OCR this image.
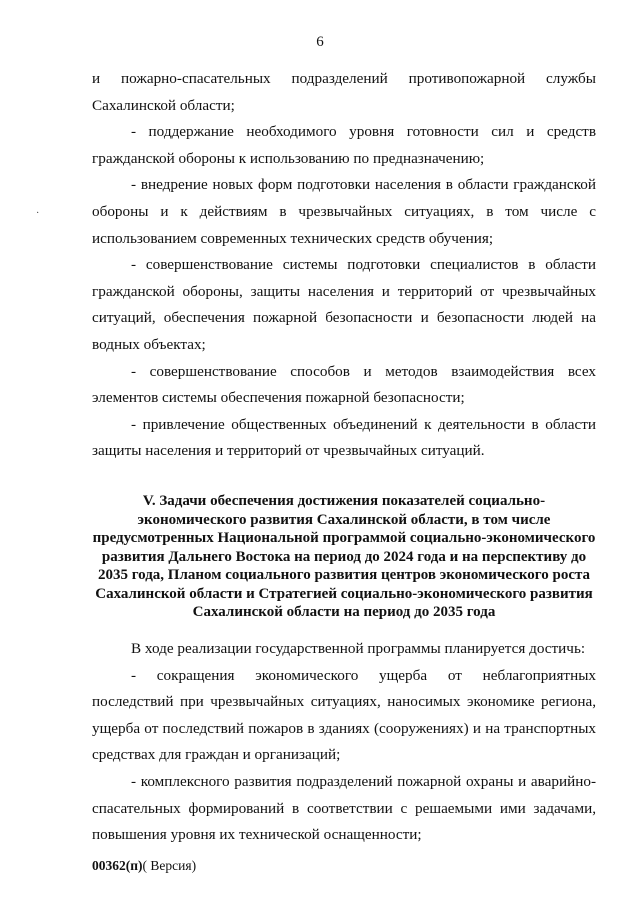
6
·

и пожарно-спасательных подразделений противопожарной службы Сахалинской области;

- поддержание необходимого уровня готовности сил и средств гражданской обороны к использованию по предназначению;

- внедрение новых форм подготовки населения в области гражданской обороны и к действиям в чрезвычайных ситуациях, в том числе с использованием современных технических средств обучения;

- совершенствование системы подготовки специалистов в области гражданской обороны, защиты населения и территорий от чрезвычайных ситуаций, обеспечения пожарной безопасности и безопасности людей на водных объектах;

- совершенствование способов и методов взаимодействия всех элементов системы обеспечения пожарной безопасности;

- привлечение общественных объединений к деятельности в области защиты населения и территорий от чрезвычайных ситуаций.

V. Задачи обеспечения достижения показателей социально-экономического развития Сахалинской области, в том числе предусмотренных Национальной программой социально-экономического развития Дальнего Востока на период до 2024 года и на перспективу до 2035 года, Планом социального развития центров экономического роста Сахалинской области и Стратегией социально-экономического развития Сахалинской области на период до 2035 года

В ходе реализации государственной программы планируется достичь:

- сокращения экономического ущерба от неблагоприятных последствий при чрезвычайных ситуациях, наносимых экономике региона, ущерба от последствий пожаров в зданиях (сооружениях) и на транспортных средствах для граждан и организаций;

- комплексного развития подразделений пожарной охраны и аварийно-спасательных формирований в соответствии с решаемыми ими задачами, повышения уровня их технической оснащенности;

00362(п)( Версия)
